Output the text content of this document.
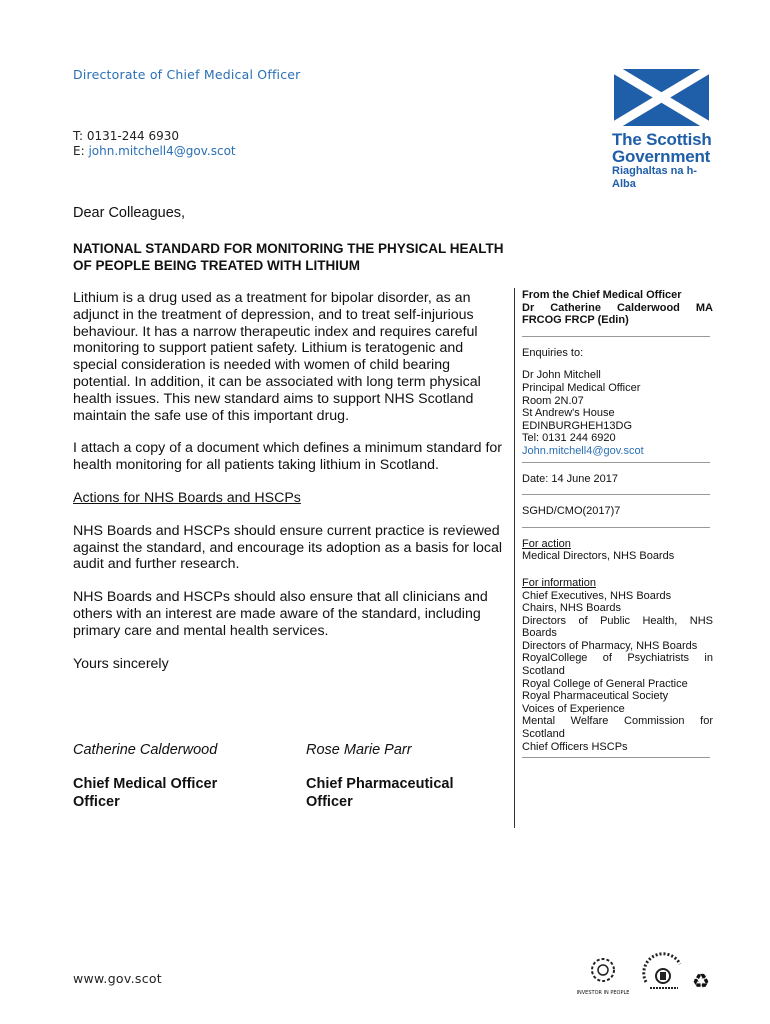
Directorate of Chief Medical Officer
T: 0131-244 6930
E: john.mitchell4@gov.scot
The Scottish
Government
Riaghaltas na h-Alba
Dear Colleagues,
NATIONAL STANDARD FOR MONITORING THE PHYSICAL HEALTH OF PEOPLE BEING TREATED WITH LITHIUM

Lithium is a drug used as a treatment for bipolar disorder, as an adjunct in the treatment of depression, and to treat self-injurious behaviour. It has a narrow therapeutic index and requires careful monitoring to support patient safety. Lithium is teratogenic and special consideration is needed with women of child bearing potential. In addition, it can be associated with long term physical health issues. This new standard aims to support NHS Scotland maintain the safe use of this important drug.

I attach a copy of a document which defines a minimum standard for health monitoring for all patients taking lithium in Scotland.

Actions for NHS Boards and HSCPs

NHS Boards and HSCPs should ensure current practice is reviewed against the standard, and encourage its adoption as a basis for local audit and further research.

NHS Boards and HSCPs should also ensure that all clinicians and others with an interest are made aware of the standard, including primary care and mental health services.

Yours sincerely

Catherine Calderwood
Chief Medical Officer Officer
Rose Marie Parr
Chief Pharmaceutical Officer
From the Chief Medical Officer
Dr Catherine Calderwood MA FRCOG FRCP (Edin)
Enquiries to:
Dr John Mitchell
Principal Medical Officer
Room 2N.07
St Andrew's House
EDINBURGHEH13DG
Tel: 0131 244 6920
John.mitchell4@gov.scot
Date: 14 June 2017
SGHD/CMO(2017)7
For action
Medical Directors, NHS Boards
For information
Chief Executives, NHS Boards
Chairs, NHS Boards
Directors of Public Health, NHS Boards
Directors of Pharmacy, NHS Boards
RoyalCollege of Psychiatrists in Scotland
Royal College of General Practice
Royal Pharmaceutical Society
Voices of Experience
Mental Welfare Commission for Scotland
Chief Officers HSCPs
www.gov.scot
INVESTOR IN PEOPLE	♻
